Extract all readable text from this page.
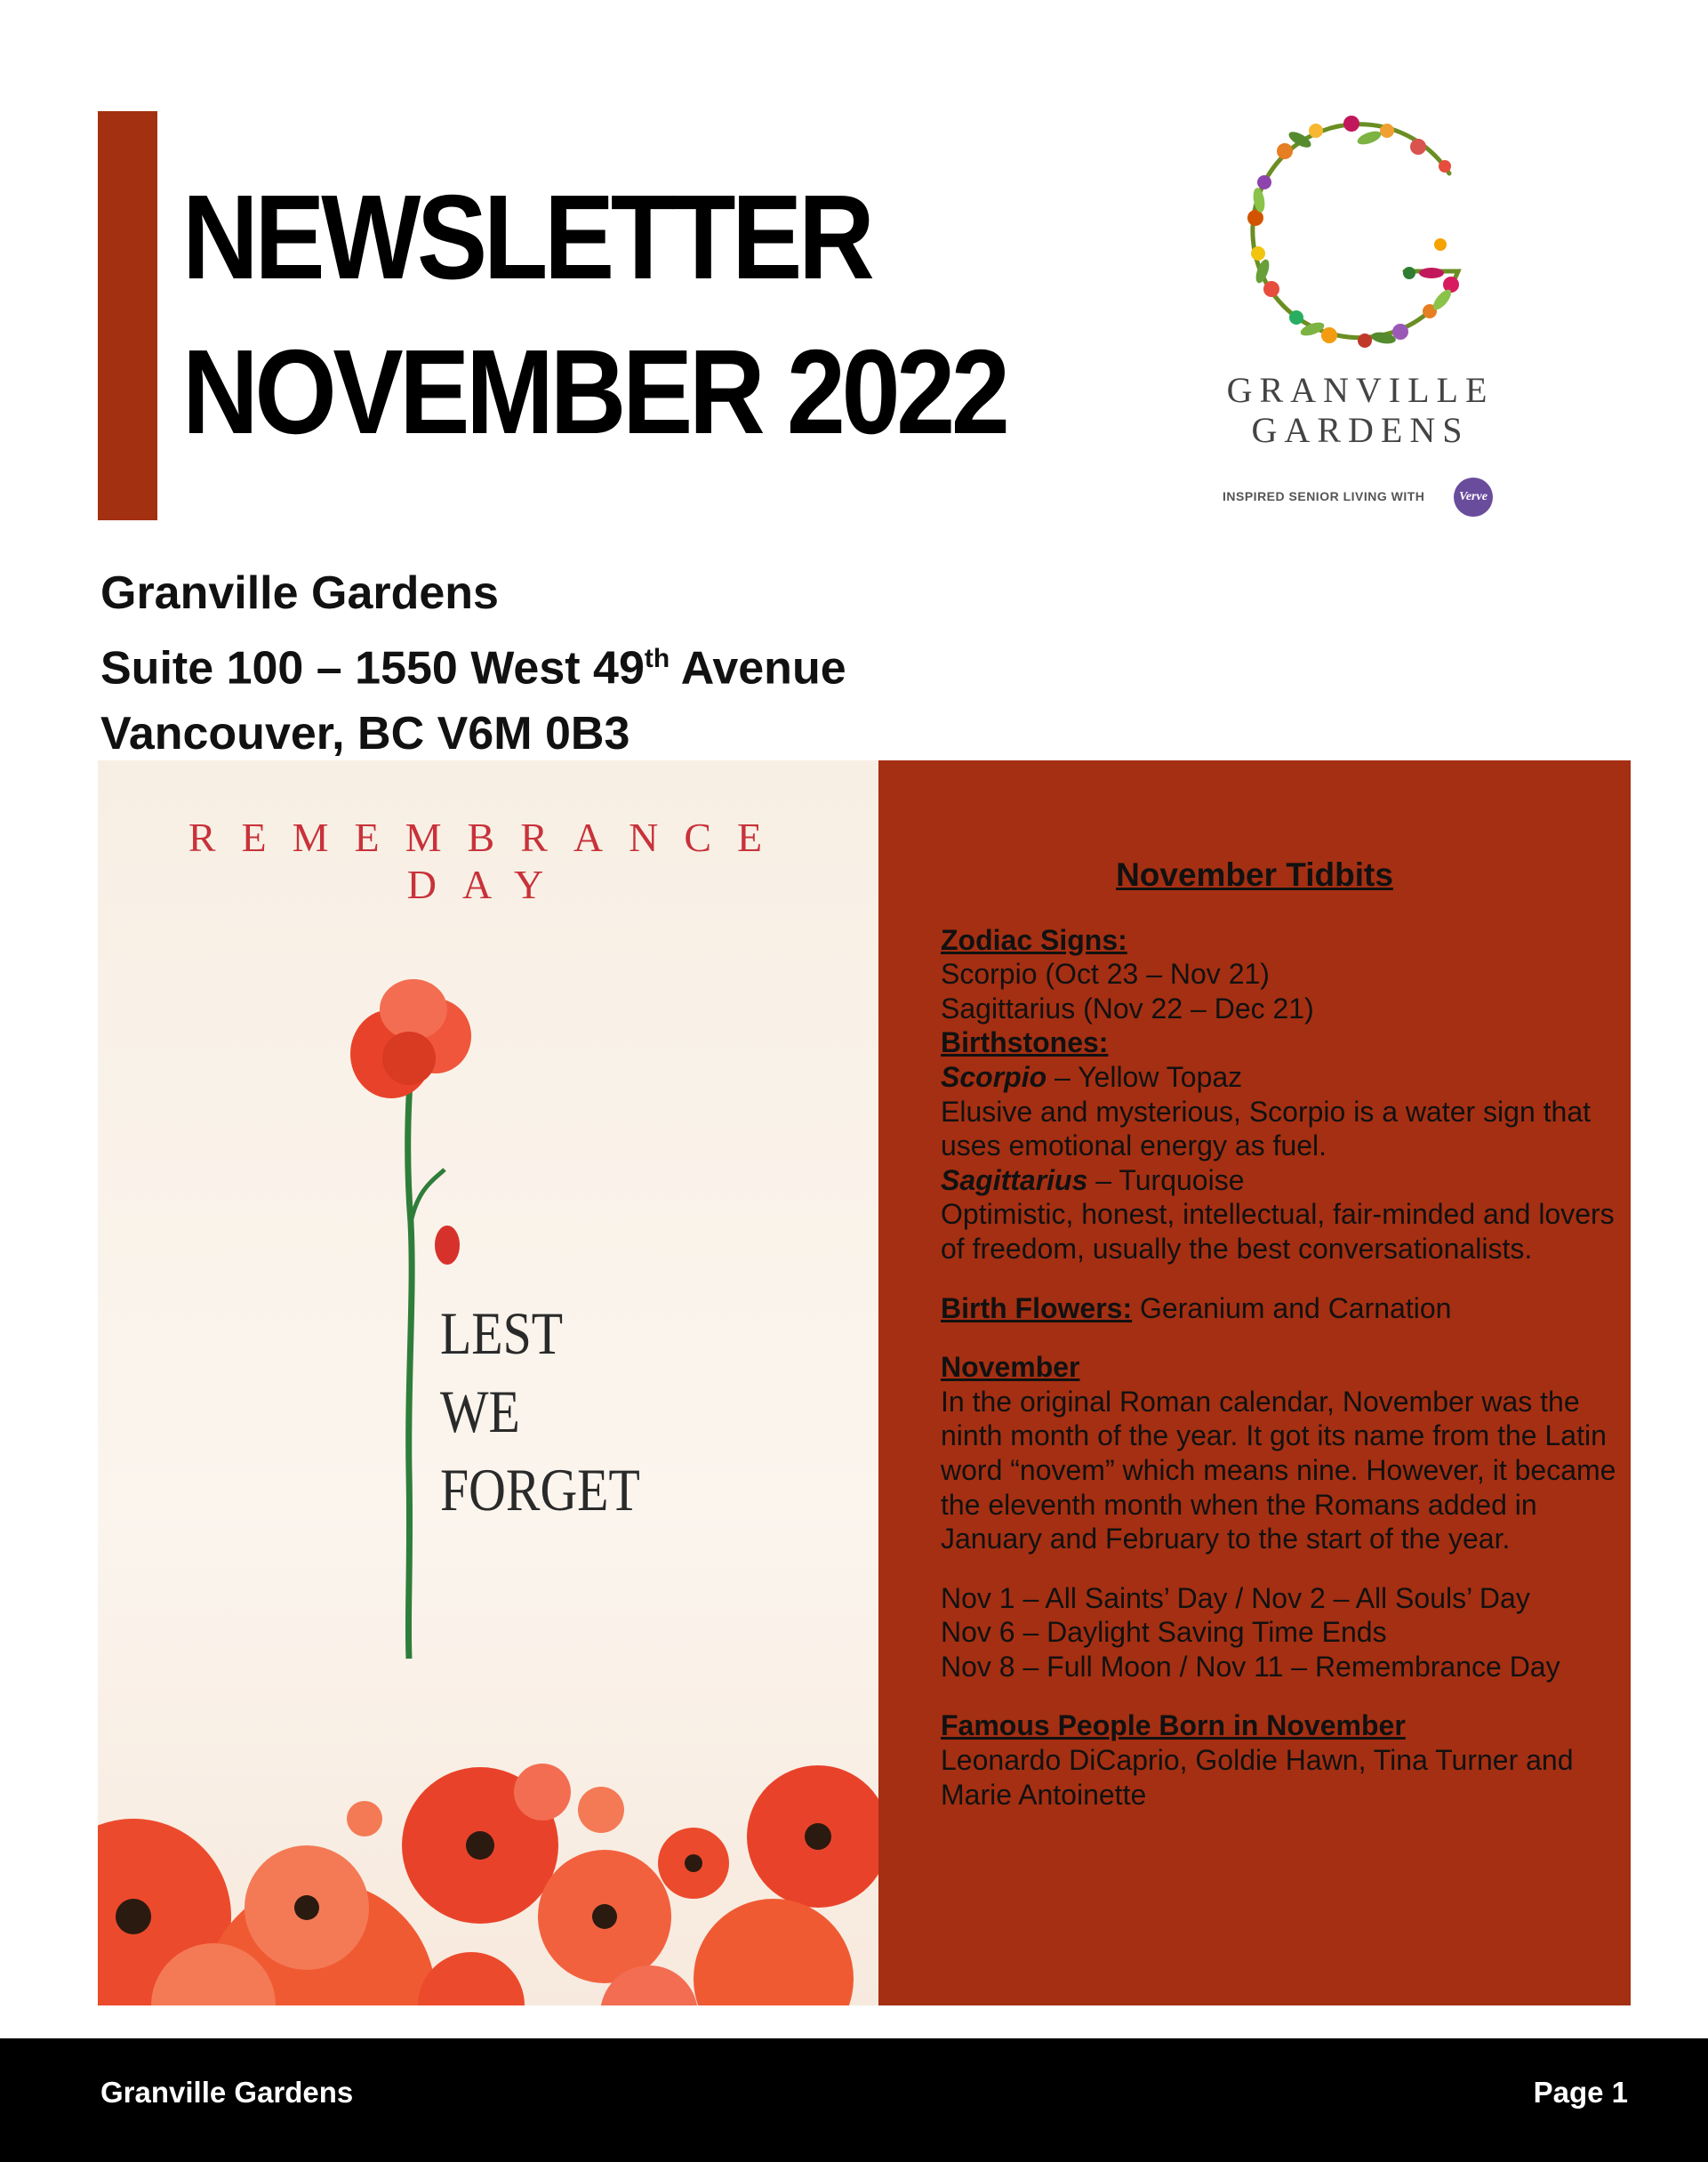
NEWSLETTER
NOVEMBER 2022	GRANVILLE
GARDENS
INSPIRED SENIOR LIVING WITH	Verve
Granville Gardens
Suite 100 – 1550 West 49th Avenue
Vancouver, BC V6M 0B3
REMEMBRANCE DAY
LEST
WE
FORGET
November Tidbits

Zodiac Signs:

Scorpio (Oct 23 – Nov 21)

Sagittarius (Nov 22 – Dec 21)

Birthstones:

Scorpio – Yellow Topaz

Elusive and mysterious, Scorpio is a water sign that uses emotional energy as fuel.

Sagittarius – Turquoise

Optimistic, honest, intellectual, fair-minded and lovers of freedom, usually the best conversationalists.

Birth Flowers: Geranium and Carnation

November

In the original Roman calendar, November was the ninth month of the year. It got its name from the Latin word “novem” which means nine. However, it became the eleventh month when the Romans added in January and February to the start of the year.

Nov 1 – All Saints’ Day / Nov 2 – All Souls’ Day

Nov 6 – Daylight Saving Time Ends

Nov 8 – Full Moon / Nov 11 – Remembrance Day

Famous People Born in November

Leonardo DiCaprio, Goldie Hawn, Tina Turner and Marie Antoinette

Granville Gardens	Page 1
